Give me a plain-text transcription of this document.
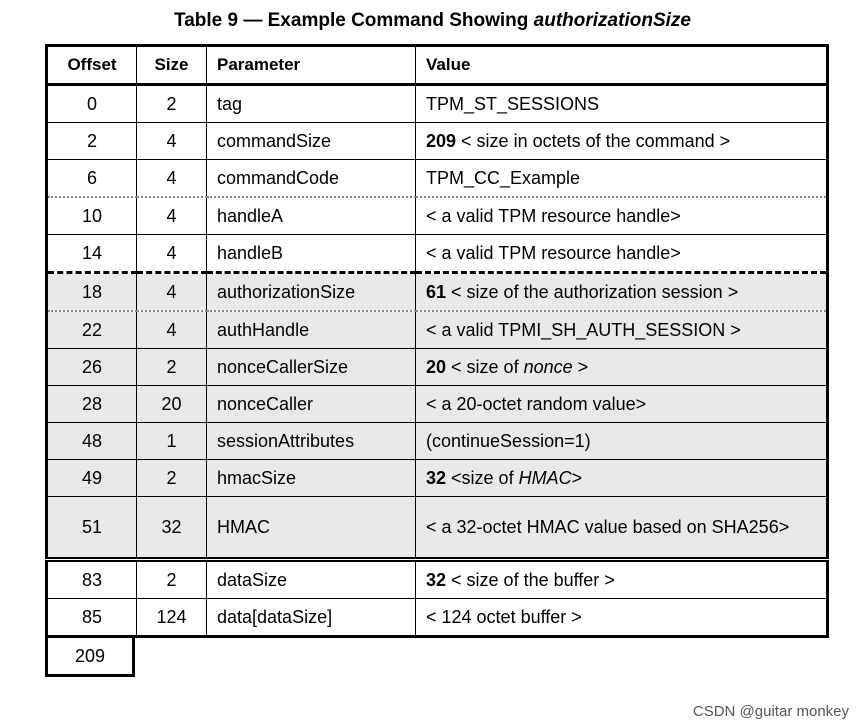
Table 9 — Example Command Showing authorizationSize
Offset	Size	Parameter	Value
0	2	tag	TPM_ST_SESSIONS
2	4	commandSize	209 < size in octets of the command >
6	4	commandCode	TPM_CC_Example
10	4	handleA	< a valid TPM resource handle>
14	4	handleB	< a valid TPM resource handle>
18	4	authorizationSize	61 < size of the authorization session >
22	4	authHandle	< a valid TPMI_SH_AUTH_SESSION >
26	2	nonceCallerSize	20 < size of nonce >
28	20	nonceCaller	< a 20-octet random value>
48	1	sessionAttributes	(continueSession=1)
49	2	hmacSize	32 <size of HMAC>
51	32	HMAC	< a 32-octet HMAC value based on SHA256>
83	2	dataSize	32 < size of the buffer >
85	124	data[dataSize]	< 124 octet buffer >
209
CSDN @guitar monkey
